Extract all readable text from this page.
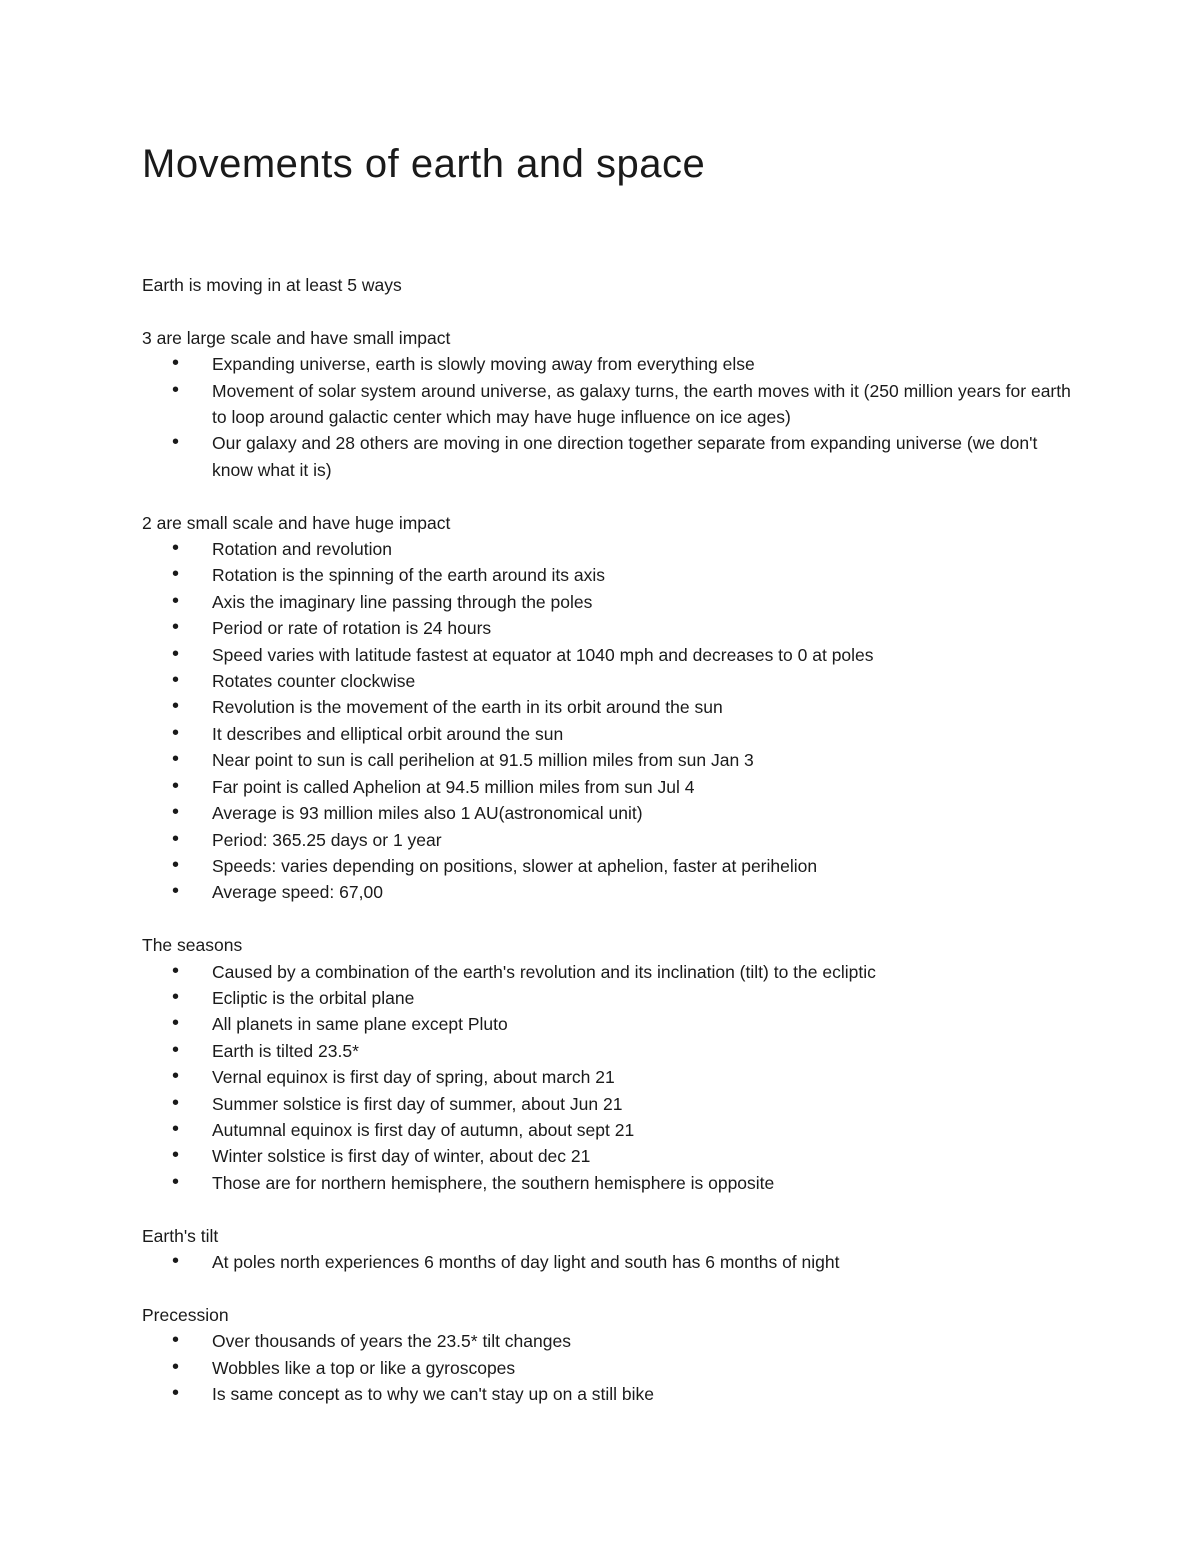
Movements of earth and space

Earth is moving in at least 5 ways

3 are large scale and have small impact

• Expanding universe, earth is slowly moving away from everything else
• Movement of solar system around universe, as galaxy turns, the earth moves with it (250 million years for earth to loop around galactic center which may have huge influence on ice ages)
• Our galaxy and 28 others are moving in one direction together separate from expanding universe (we don't know what it is)

2 are small scale and have huge impact

• Rotation and revolution
• Rotation is the spinning of the earth around its axis
• Axis the imaginary line passing through the poles
• Period or rate of rotation is 24 hours
• Speed varies with latitude fastest at equator at 1040 mph and decreases to 0 at poles
• Rotates counter clockwise
• Revolution is the movement of the earth in its orbit around the sun
• It describes and elliptical orbit around the sun
• Near point to sun is call perihelion at 91.5 million miles from sun Jan 3
• Far point is called Aphelion at 94.5 million miles from sun Jul 4
• Average is 93 million miles also 1 AU(astronomical unit)
• Period: 365.25 days or 1 year
• Speeds: varies depending on positions, slower at aphelion, faster at perihelion
• Average speed: 67,00

The seasons

• Caused by a combination of the earth's revolution and its inclination (tilt) to the ecliptic
• Ecliptic is the orbital plane
• All planets in same plane except Pluto
• Earth is tilted 23.5*
• Vernal equinox is first day of spring, about march 21
• Summer solstice is first day of summer, about Jun 21
• Autumnal equinox is first day of autumn, about sept 21
• Winter solstice is first day of winter, about dec 21
• Those are for northern hemisphere, the southern hemisphere is opposite

Earth's tilt

• At poles north experiences 6 months of day light and south has 6 months of night

Precession

• Over thousands of years the 23.5* tilt changes
• Wobbles like a top or like a gyroscopes
• Is same concept as to why we can't stay up on a still bike
